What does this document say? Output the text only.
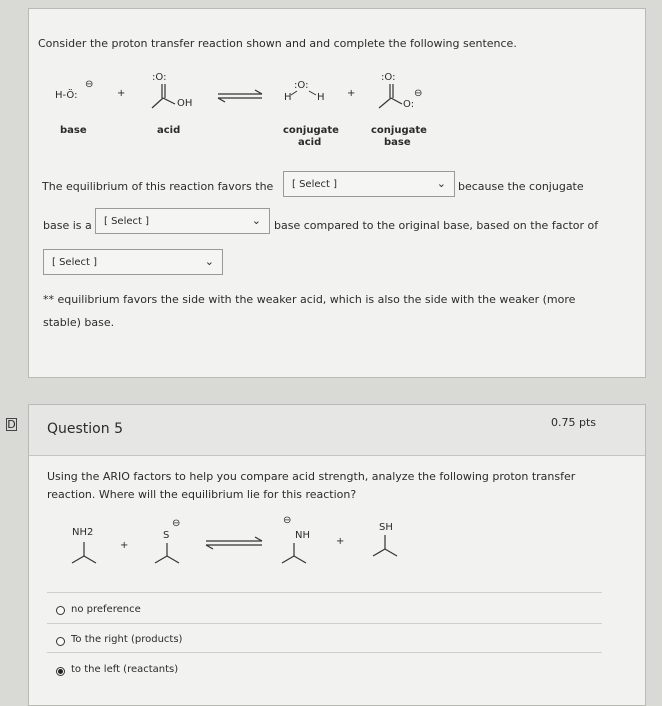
Consider the proton transfer reaction shown and and complete the following sentence.
H-Ö:
⊖
+
:O:
OH
H
:O:
H +
:O:
O:
⊖
base	acid	conjugate
acid
conjugate
base
The equilibrium of this reaction favors the	[ Select ]	⌄ because the conjugate
base is a	[ Select ]	⌄ base compared to the original base, based on the factor of
[ Select ]	⌄
** equilibrium favors the side with the weaker acid, which is also the side with the weaker (more
stable) base.
D Question 5	0.75 pts
Using the ARIO factors to help you compare acid strength, analyze the following proton transfer
reaction. Where will the equilibrium lie for this reaction?
NH2
+
⊖
S
⊖
NH
+
SH
no preference
To the right (products)
to the left (reactants)
